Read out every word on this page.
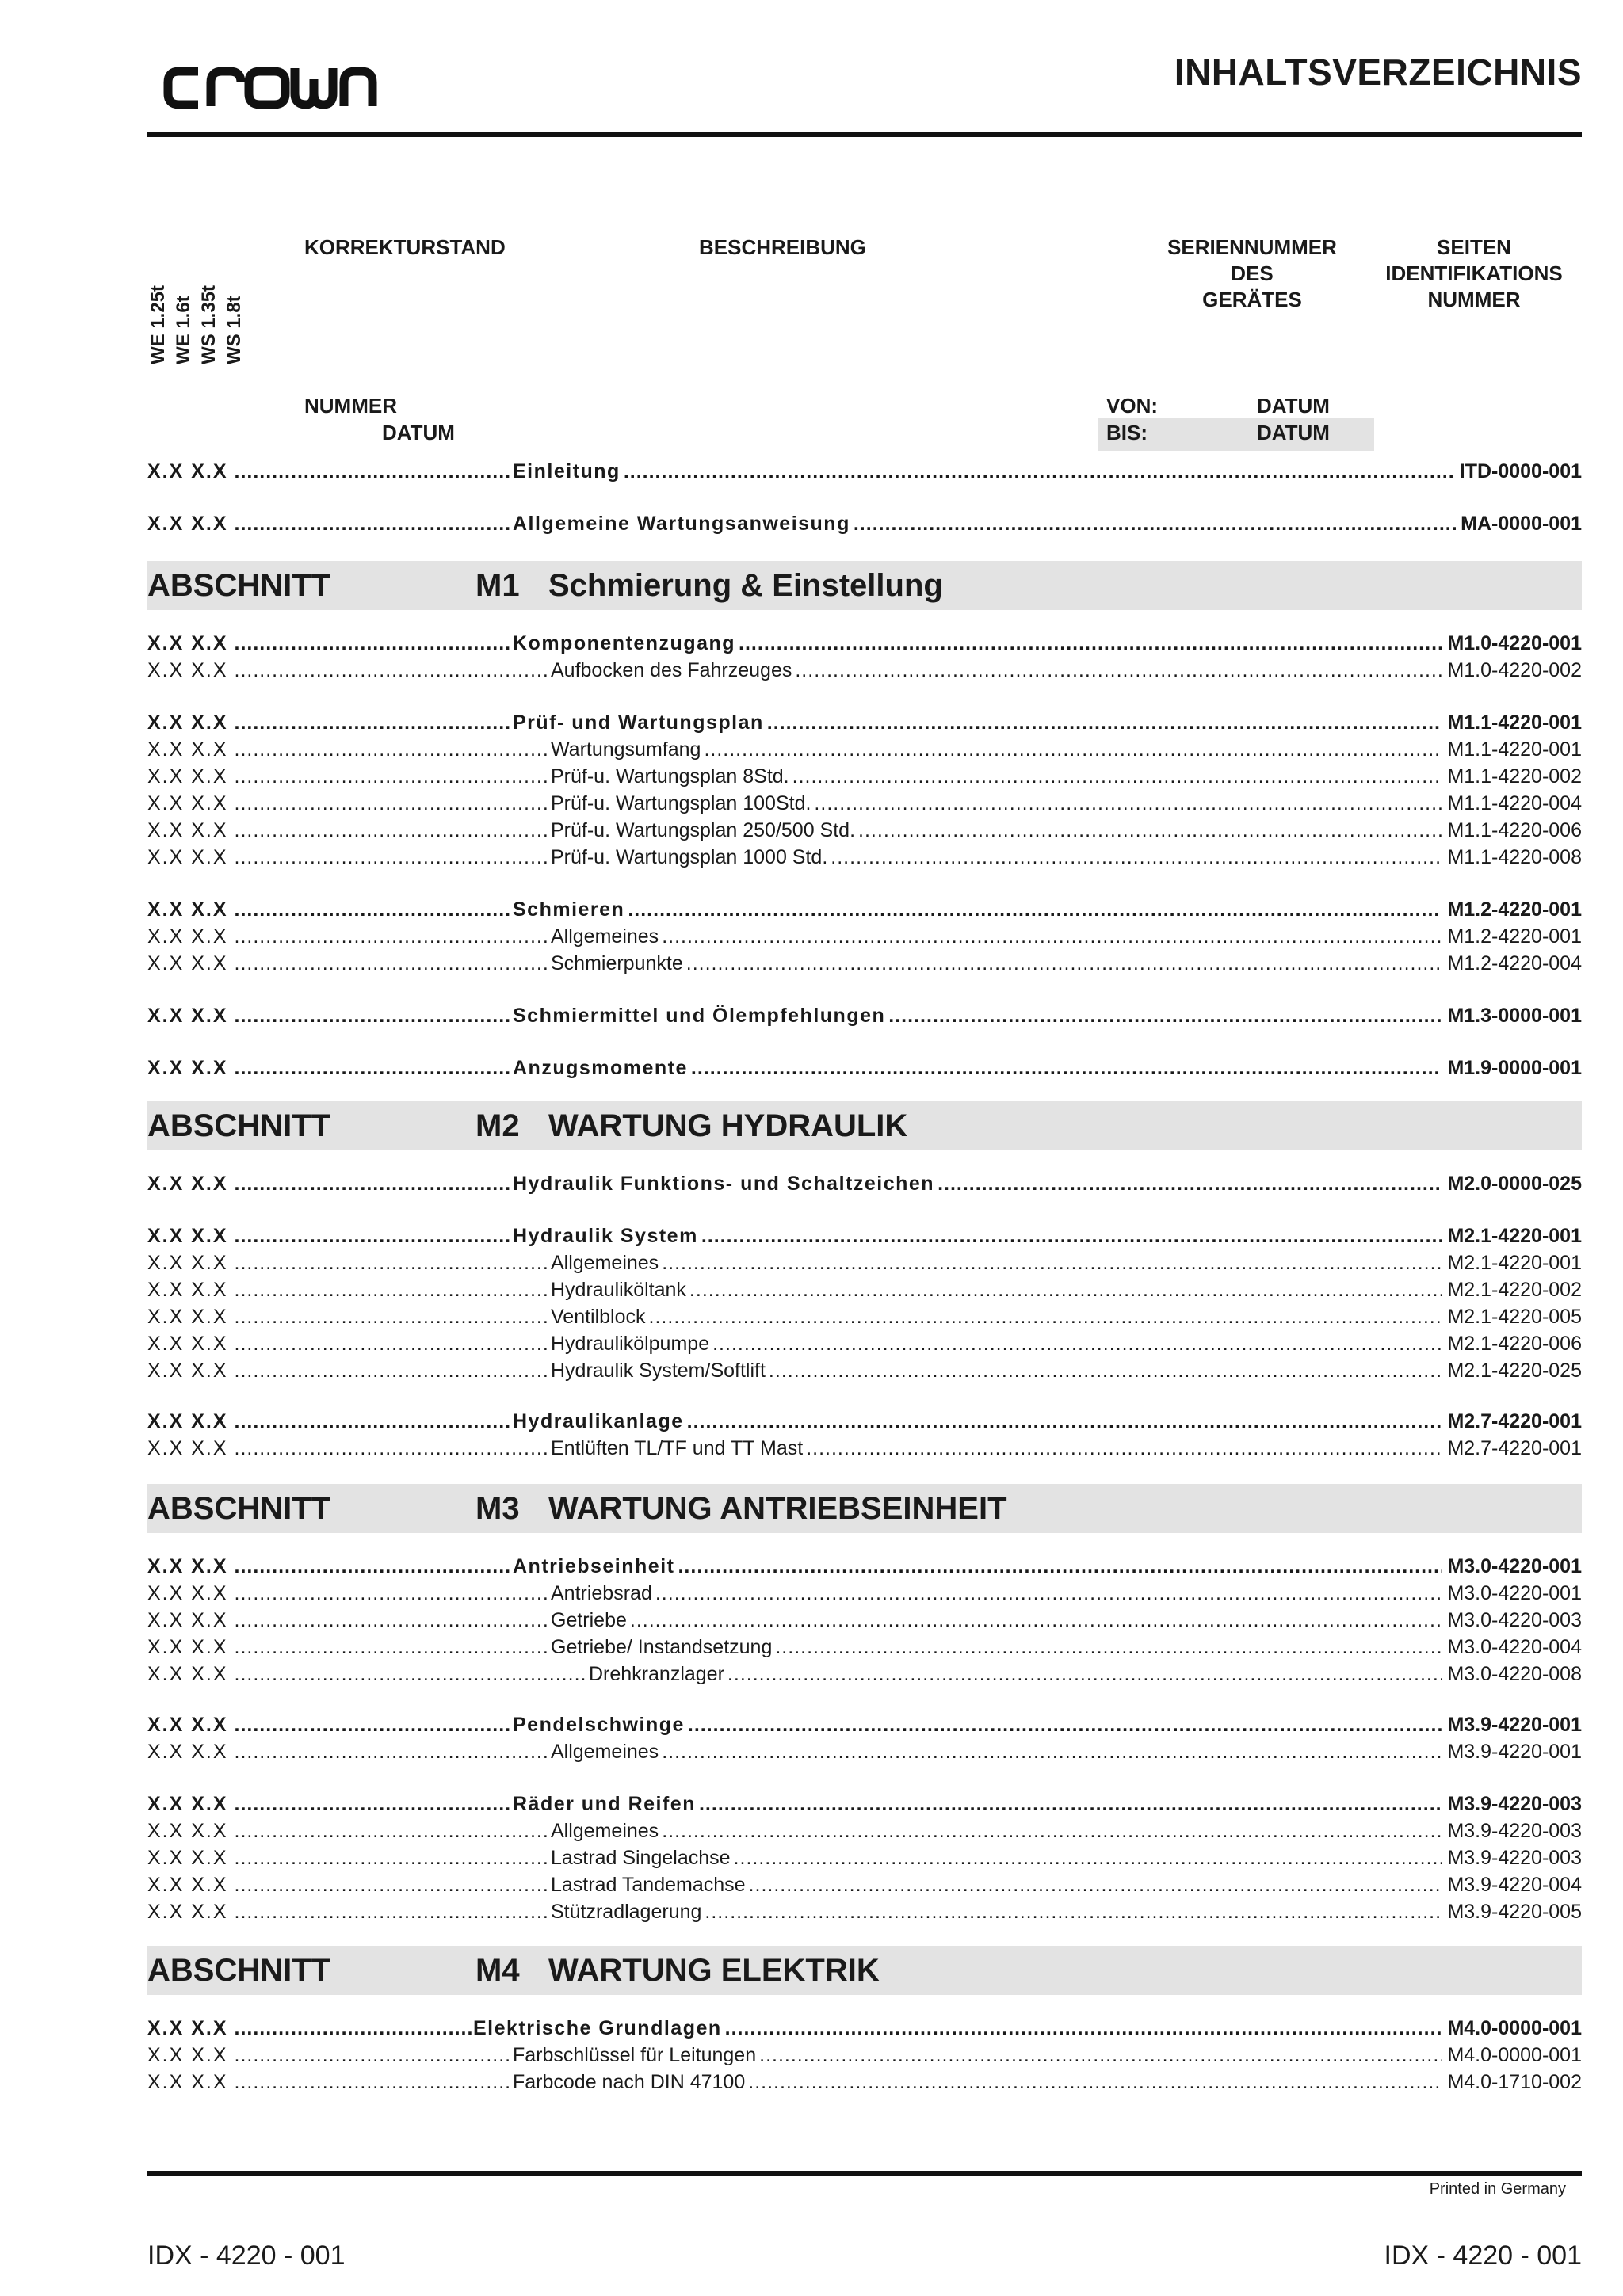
INHALTSVERZEICHNIS
KORREKTURSTAND	BESCHREIBUNG	SERIENNUMMER
DES
GERÄTES
SEITEN
IDENTIFIKATIONS
NUMMER
WE 1.25t WE 1.6t WS 1.35t WS 1.8t
NUMMER
DATUM
VON:	DATUM
BIS:	DATUM
X.X X.X .....	Einleitung .....	ITD-0000-001
X.X X.X .....	Allgemeine Wartungsanweisung .....	MA-0000-001
ABSCHNITT	M1 Schmierung & Einstellung
X.X X.X .....	Komponentenzugang .....	M1.0-4220-001
X.X X.X .....	Aufbocken des Fahrzeuges .....	M1.0-4220-002
X.X X.X .....	Prüf- und Wartungsplan .....	M1.1-4220-001
X.X X.X .....	Wartungsumfang .....	M1.1-4220-001
X.X X.X .....	Prüf-u. Wartungsplan 8Std. .....	M1.1-4220-002
X.X X.X .....	Prüf-u. Wartungsplan 100Std. .....	M1.1-4220-004
X.X X.X .....	Prüf-u. Wartungsplan 250/500 Std. .....	M1.1-4220-006
X.X X.X .....	Prüf-u. Wartungsplan 1000 Std. .....	M1.1-4220-008
X.X X.X .....	Schmieren .....	M1.2-4220-001
X.X X.X .....	Allgemeines .....	M1.2-4220-001
X.X X.X .....	Schmierpunkte .....	M1.2-4220-004
X.X X.X .....	Schmiermittel und Ölempfehlungen .....	M1.3-0000-001
X.X X.X .....	Anzugsmomente .....	M1.9-0000-001
ABSCHNITT	M2 WARTUNG HYDRAULIK
X.X X.X .....	Hydraulik Funktions- und Schaltzeichen .....	M2.0-0000-025
X.X X.X .....	Hydraulik System .....	M2.1-4220-001
X.X X.X .....	Allgemeines .....	M2.1-4220-001
X.X X.X .....	Hydrauliköltank .....	M2.1-4220-002
X.X X.X .....	Ventilblock .....	M2.1-4220-005
X.X X.X .....	Hydraulikölpumpe .....	M2.1-4220-006
X.X X.X .....	Hydraulik System/Softlift .....	M2.1-4220-025
X.X X.X .....	Hydraulikanlage .....	M2.7-4220-001
X.X X.X .....	Entlüften TL/TF und TT Mast .....	M2.7-4220-001
ABSCHNITT	M3 WARTUNG ANTRIEBSEINHEIT
X.X X.X .....	Antriebseinheit .....	M3.0-4220-001
X.X X.X .....	Antriebsrad .....	M3.0-4220-001
X.X X.X .....	Getriebe .....	M3.0-4220-003
X.X X.X .....	Getriebe/ Instandsetzung .....	M3.0-4220-004
X.X X.X .....	Drehkranzlager .....	M3.0-4220-008
X.X X.X .....	Pendelschwinge .....	M3.9-4220-001
X.X X.X .....	Allgemeines .....	M3.9-4220-001
X.X X.X .....	Räder und Reifen .....	M3.9-4220-003
X.X X.X .....	Allgemeines .....	M3.9-4220-003
X.X X.X .....	Lastrad Singelachse .....	M3.9-4220-003
X.X X.X .....	Lastrad Tandemachse .....	M3.9-4220-004
X.X X.X .....	Stützradlagerung .....	M3.9-4220-005
ABSCHNITT	M4 WARTUNG ELEKTRIK
X.X X.X .....	Elektrische Grundlagen .....	M4.0-0000-001
X.X X.X .....	Farbschlüssel für Leitungen .....	M4.0-0000-001
X.X X.X .....	Farbcode nach DIN 47100 .....	M4.0-1710-002
Printed in Germany
IDX - 4220 - 001	IDX - 4220 - 001
